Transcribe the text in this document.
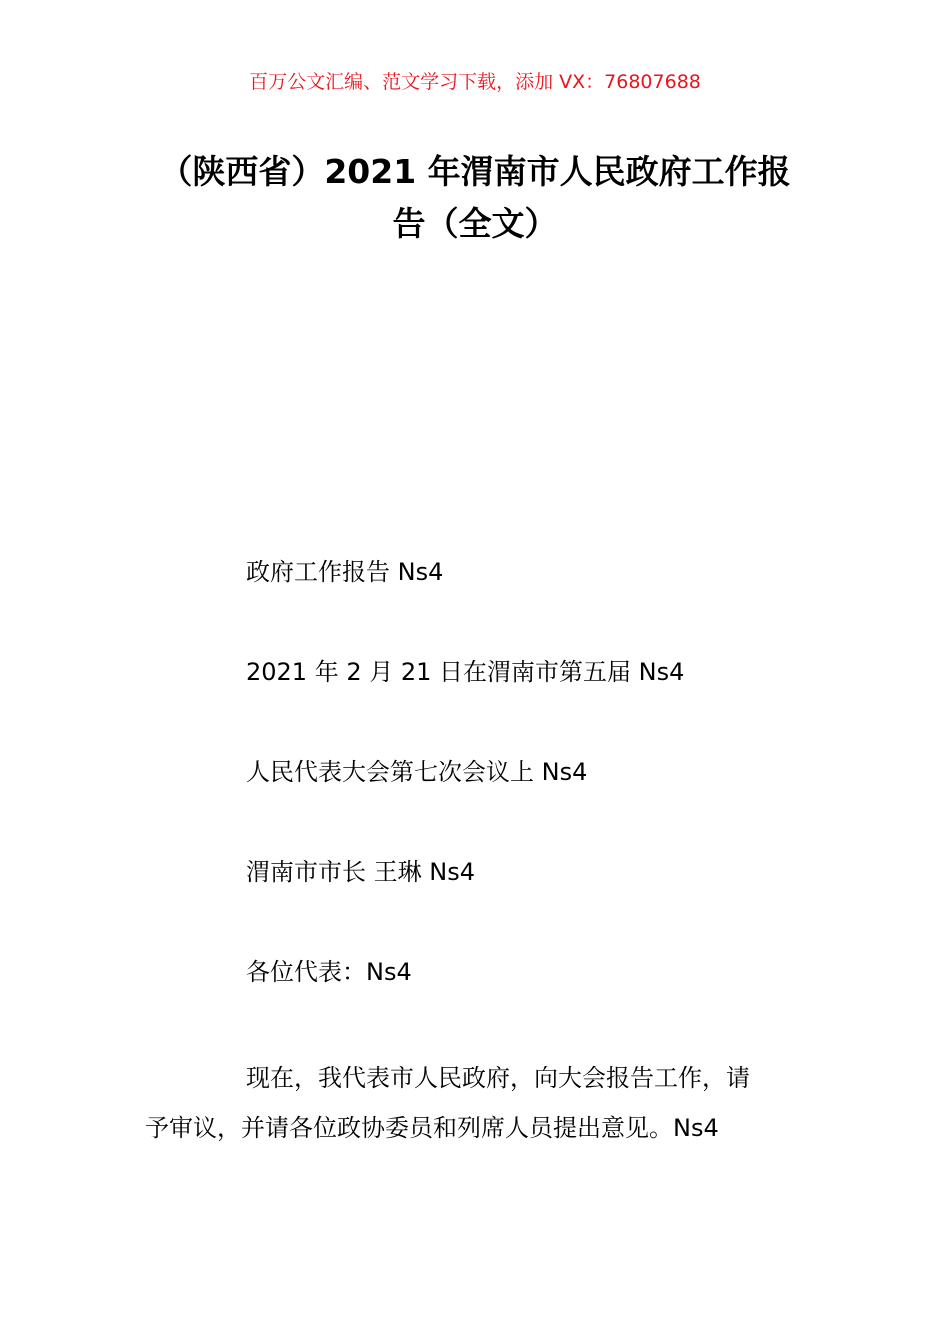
百万公文汇编、范文学习下载，添加 VX：76807688
（陕西省）2021 年渭南市人民政府工作报
告（全文）

政府工作报告 Ns4

2021 年 2 月 21 日在渭南市第五届 Ns4

人民代表大会第七次会议上 Ns4

渭南市市长 王琳 Ns4

各位代表：Ns4

现在，我代表市人民政府，向大会报告工作，请
予审议，并请各位政协委员和列席人员提出意见。Ns4
